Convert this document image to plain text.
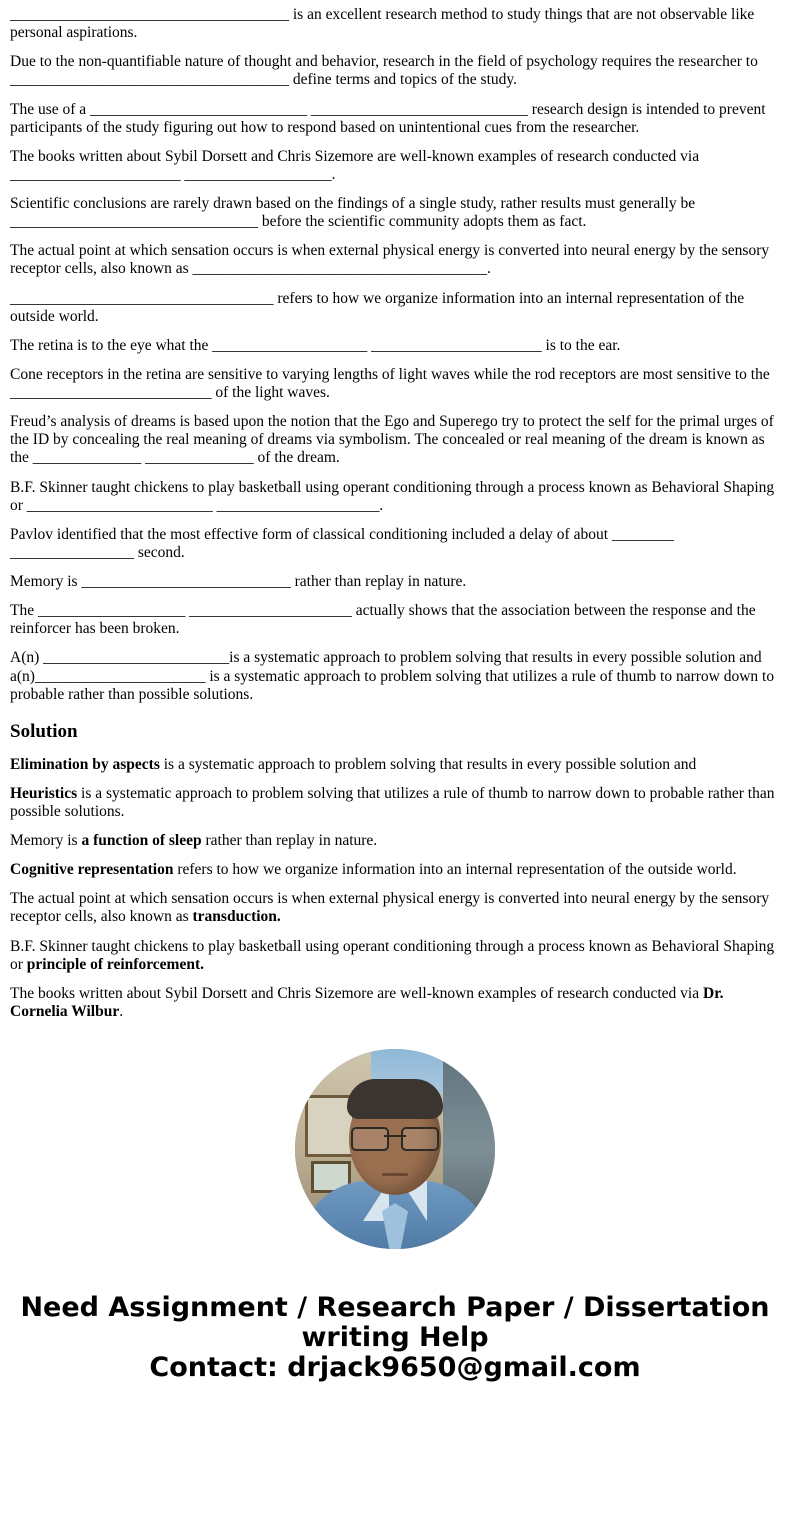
____________________________________ is an excellent research method to study things that are not observable like personal aspirations.

Due to the non-quantifiable nature of thought and behavior, research in the field of psychology requires the researcher to ____________________________________ define terms and topics of the study.

The use of a ____________________________ ____________________________ research design is intended to prevent participants of the study figuring out how to respond based on unintentional cues from the researcher.

The books written about Sybil Dorsett and Chris Sizemore are well-known examples of research conducted via ______________________ ___________________.

Scientific conclusions are rarely drawn based on the findings of a single study, rather results must generally be ________________________________ before the scientific community adopts them as fact.

The actual point at which sensation occurs is when external physical energy is converted into neural energy by the sensory receptor cells, also known as ______________________________________.

__________________________________ refers to how we organize information into an internal representation of the outside world.

The retina is to the eye what the ____________________ ______________________ is to the ear.

Cone receptors in the retina are sensitive to varying lengths of light waves while the rod receptors are most sensitive to the __________________________ of the light waves.

Freud’s analysis of dreams is based upon the notion that the Ego and Superego try to protect the self for the primal urges of the ID by concealing the real meaning of dreams via symbolism. The concealed or real meaning of the dream is known as the ______________ ______________ of the dream.

B.F. Skinner taught chickens to play basketball using operant conditioning through a process known as Behavioral Shaping or ________________________ _____________________.

Pavlov identified that the most effective form of classical conditioning included a delay of about ________ ________________ second.

Memory is ___________________________ rather than replay in nature.

The ___________________ _____________________ actually shows that the association between the response and the reinforcer has been broken.

A(n) ________________________is a systematic approach to problem solving that results in every possible solution and a(n)______________________ is a systematic approach to problem solving that utilizes a rule of thumb to narrow down to probable rather than possible solutions.

Solution

Elimination by aspects is a systematic approach to problem solving that results in every possible solution and

Heuristics is a systematic approach to problem solving that utilizes a rule of thumb to narrow down to probable rather than possible solutions.

Memory is a function of sleep rather than replay in nature.

Cognitive representation refers to how we organize information into an internal representation of the outside world.

The actual point at which sensation occurs is when external physical energy is converted into neural energy by the sensory receptor cells, also known as transduction.

B.F. Skinner taught chickens to play basketball using operant conditioning through a process known as Behavioral Shaping or principle of reinforcement.

The books written about Sybil Dorsett and Chris Sizemore are well-known examples of research conducted via Dr. Cornelia Wilbur.

Need Assignment / Research Paper / Dissertation
writing Help
Contact: drjack9650@gmail.com
